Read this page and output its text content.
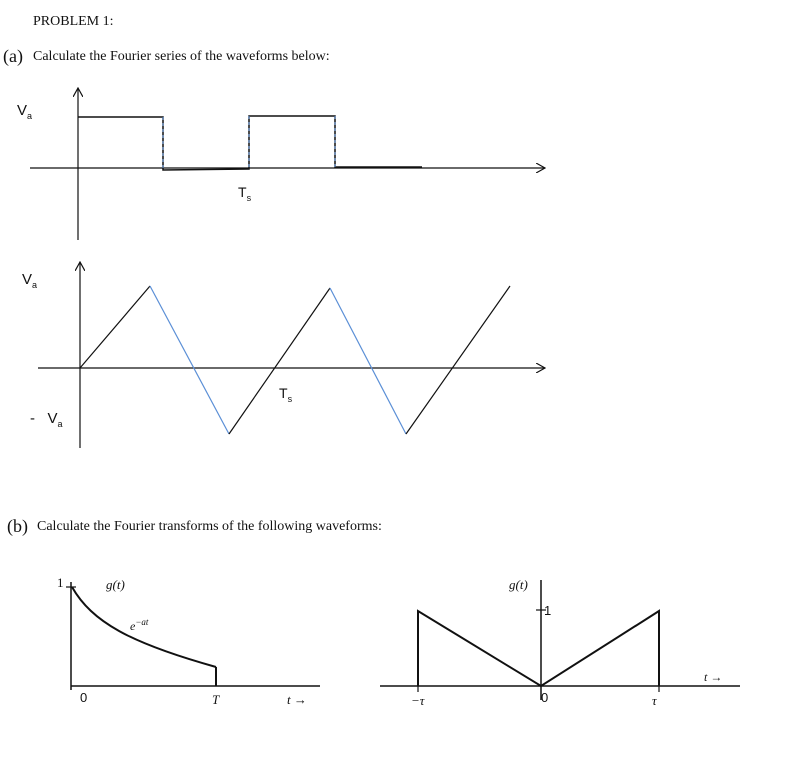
PROBLEM 1:
(a) Calculate the Fourier series of the waveforms below:
$V_a$
$T_s$
$V_a$
- $V_a$
$T_s$
(b) Calculate the Fourier transforms of the following waveforms:
1	g(t)
$e^{-at}$
0	T	t →
g(t)
1
−τ	0	τ
t →
